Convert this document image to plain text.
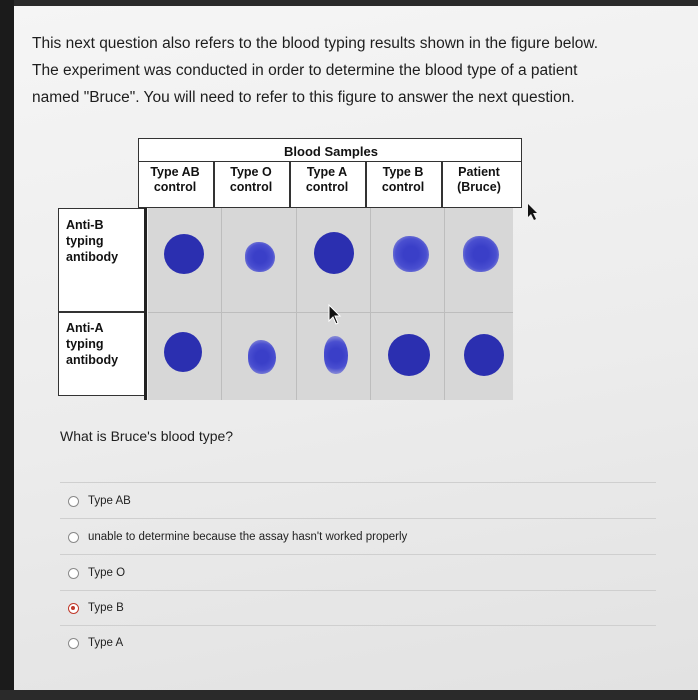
This next question also refers to the blood typing results shown in the figure below.
The experiment was conducted in order to determine the blood type of a patient
named "Bruce". You will need to refer to this figure to answer the next question.
Blood Samples
Type AB
control
Type O
control
Type A
control
Type B
control
Patient
(Bruce)
Anti-B
typing
antibody
Anti-A
typing
antibody
What is Bruce's blood type?
Type AB
unable to determine because the assay hasn't worked properly
Type O
Type B
Type A
